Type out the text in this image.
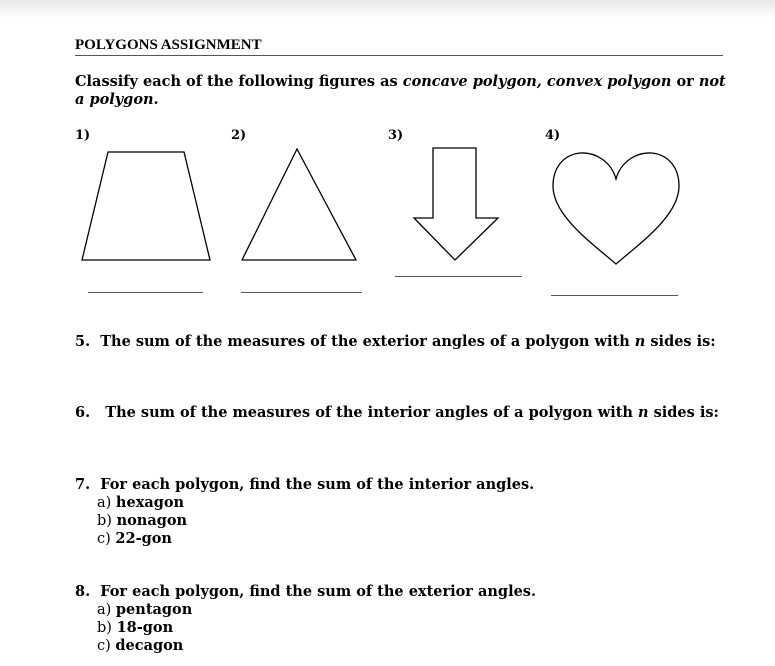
POLYGONS ASSIGNMENT
Classify each of the following figures as concave polygon, convex polygon or not a polygon.
1)	2)	3)	4)
5. The sum of the measures of the exterior angles of a polygon with n sides is:
6. The sum of the measures of the interior angles of a polygon with n sides is:
7. For each polygon, find the sum of the interior angles.
a) hexagon
b) nonagon
c) 22-gon
8. For each polygon, find the sum of the exterior angles.
a) pentagon
b) 18-gon
c) decagon
